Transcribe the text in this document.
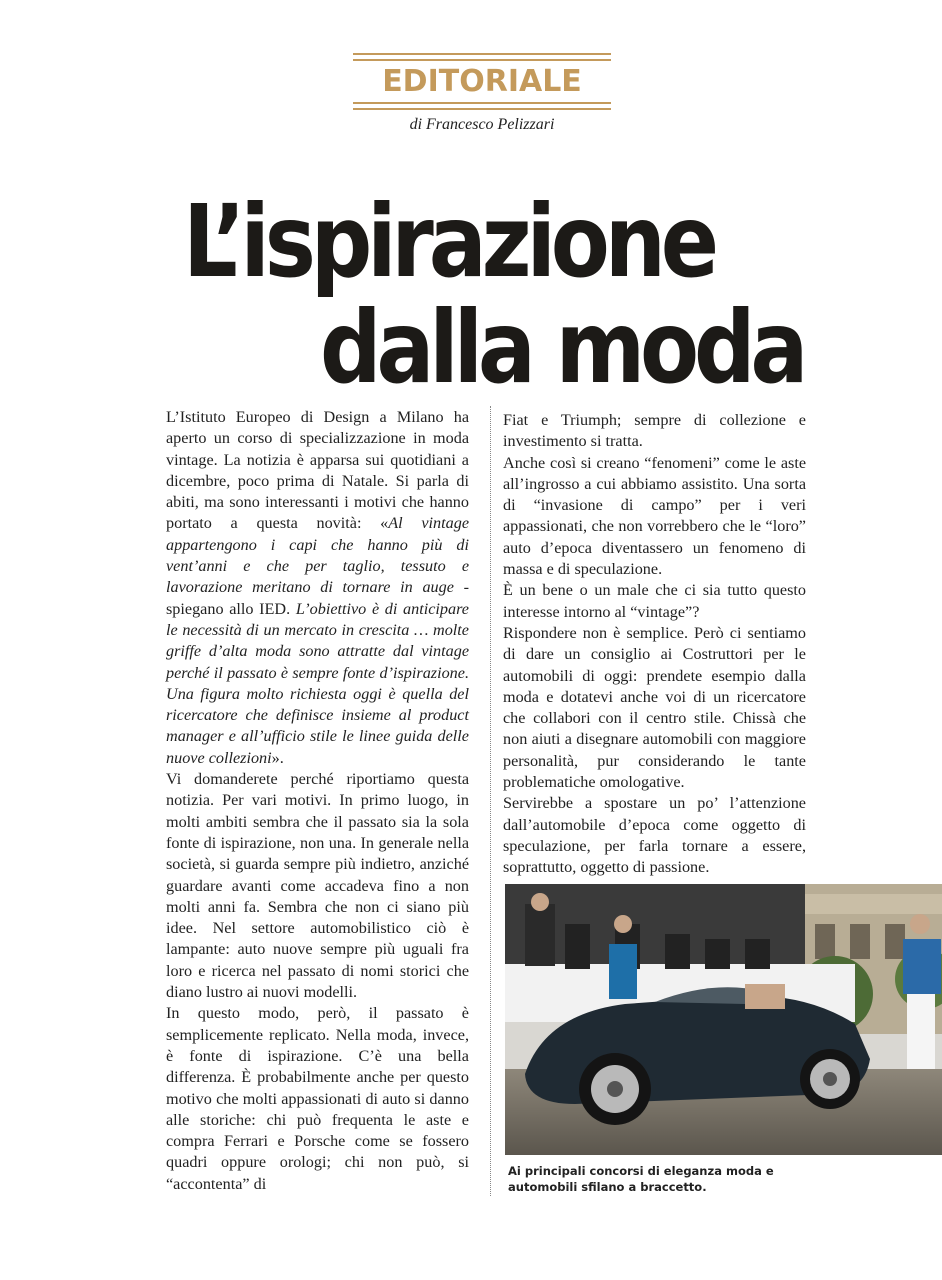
EDITORIALE
di Francesco Pelizzari
L’ispirazione
dalla moda

L’Istituto Europeo di Design a Milano ha aperto un corso di specializzazione in moda vintage. La notizia è apparsa sui quotidiani a dicembre, poco prima di Natale. Si parla di abiti, ma sono interessanti i motivi che hanno portato a questa novità: «Al vintage appartengono i capi che hanno più di vent’anni e che per taglio, tessuto e lavorazione meritano di tornare in auge -spiegano allo IED. L’obiettivo è di anticipare le necessità di un mercato in crescita … molte griffe d’alta moda sono attratte dal vintage perché il passato è sempre fonte d’ispirazione. Una figura molto richiesta oggi è quella del ricercatore che definisce insieme al product manager e all’ufficio stile le linee guida delle nuove collezioni».

Vi domanderete perché riportiamo questa notizia. Per vari motivi. In primo luogo, in molti ambiti sembra che il passato sia la sola fonte di ispirazione, non una. In generale nella società, si guarda sempre più indietro, anziché guardare avanti come accadeva fino a non molti anni fa. Sembra che non ci siano più idee. Nel settore automobilistico ciò è lampante: auto nuove sempre più uguali fra loro e ricerca nel passato di nomi storici che diano lustro ai nuovi modelli.

In questo modo, però, il passato è semplicemente replicato. Nella moda, invece, è fonte di ispirazione. C’è una bella differenza. È probabilmente anche per questo motivo che molti appassionati di auto si danno alle storiche: chi può frequenta le aste e compra Ferrari e Porsche come se fossero quadri oppure orologi; chi non può, si “accontenta” di

Fiat e Triumph; sempre di collezione e investimento si tratta.

Anche così si creano “fenomeni” come le aste all’ingrosso a cui abbiamo assistito. Una sorta di “invasione di campo” per i veri appassionati, che non vorrebbero che le “loro” auto d’epoca diventassero un fenomeno di massa e di speculazione.

È un bene o un male che ci sia tutto questo interesse intorno al “vintage”?

Rispondere non è semplice. Però ci sentiamo di dare un consiglio ai Costruttori per le automobili di oggi: prendete esempio dalla moda e dotatevi anche voi di un ricercatore che collabori con il centro stile. Chissà che non aiuti a disegnare automobili con maggiore personalità, pur considerando le tante problematiche omologative.

Servirebbe a spostare un po’ l’attenzione dall’automobile d’epoca come oggetto di speculazione, per farla tornare a essere, soprattutto, oggetto di passione.

Ai principali concorsi di eleganza moda e automobili sfilano a braccetto.
